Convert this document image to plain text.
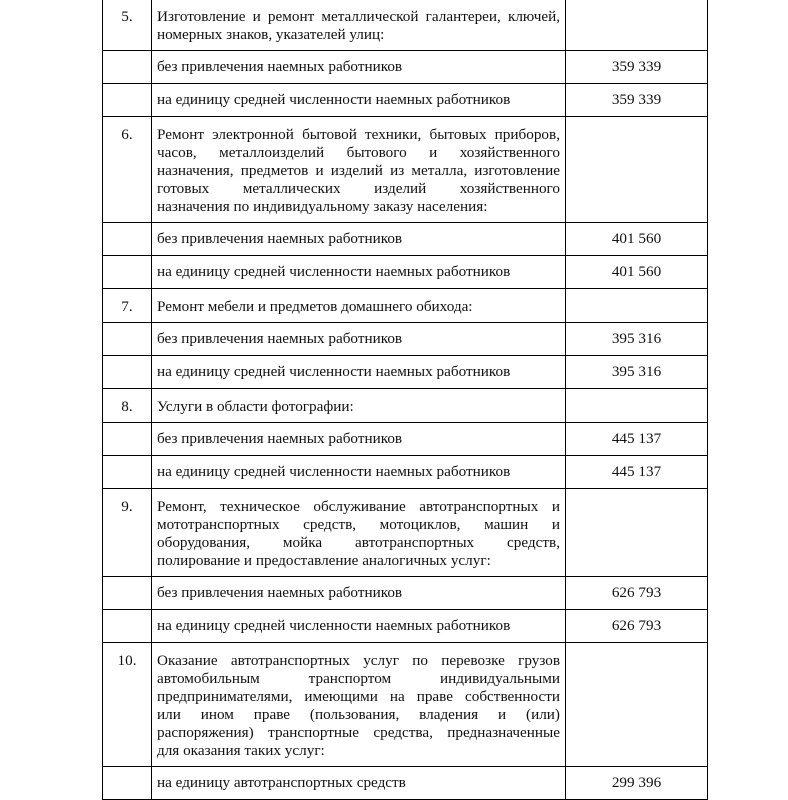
5.	Изготовление и ремонт металлической галантереи, ключей,
номерных знаков, указателей улиц:	

	без привлечения наемных работников	359 339
	на единицу средней численности наемных работников	359 339
6.	Ремонт электронной бытовой техники, бытовых приборов,
часов, металлоизделий бытового и хозяйственного
назначения, предметов и изделий из металла, изготовление
готовых металлических изделий хозяйственного
назначения по индивидуальному заказу населения:	

	без привлечения наемных работников	401 560
	на единицу средней численности наемных работников	401 560
7.	Ремонт мебели и предметов домашнего обихода:	

	без привлечения наемных работников	395 316
	на единицу средней численности наемных работников	395 316
8.	Услуги в области фотографии:	

	без привлечения наемных работников	445 137
	на единицу средней численности наемных работников	445 137
9.	Ремонт, техническое обслуживание автотранспортных и
мототранспортных средств, мотоциклов, машин и
оборудования, мойка автотранспортных средств,
полирование и предоставление аналогичных услуг:	

	без привлечения наемных работников	626 793
	на единицу средней численности наемных работников	626 793
10.	Оказание автотранспортных услуг по перевозке грузов
автомобильным транспортом индивидуальными
предпринимателями, имеющими на праве собственности
или ином праве (пользования, владения и (или)
распоряжения) транспортные средства, предназначенные
для оказания таких услуг:

	на единицу автотранспортных средств	299 396
